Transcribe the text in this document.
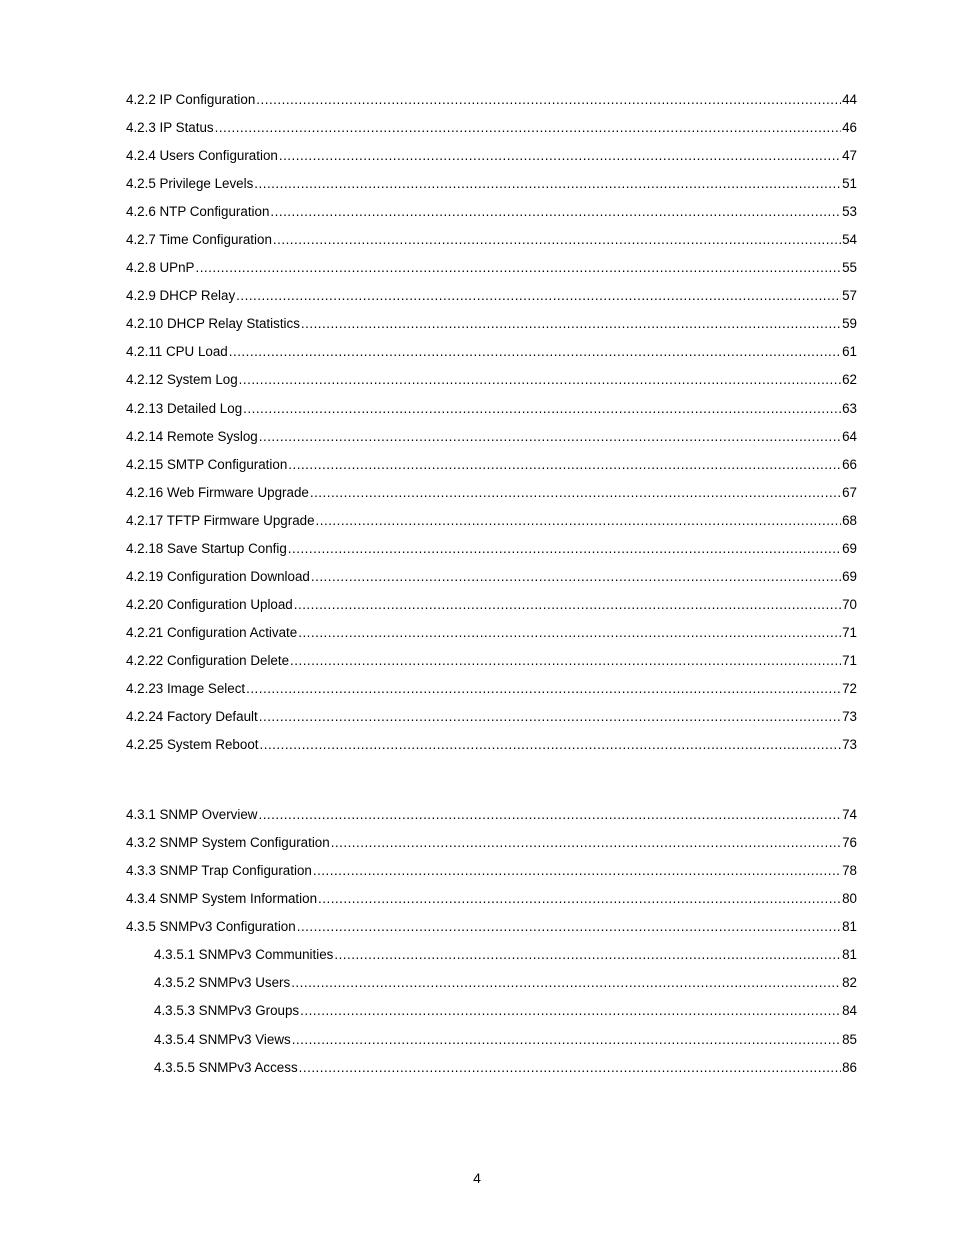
4.2.2 IP Configuration .....	44
4.2.3 IP Status .....	46
4.2.4 Users Configuration .....	47
4.2.5 Privilege Levels .....	51
4.2.6 NTP Configuration .....	53
4.2.7 Time Configuration .....	54
4.2.8 UPnP .....	55
4.2.9 DHCP Relay .....	57
4.2.10 DHCP Relay Statistics .....	59
4.2.11 CPU Load .....	61
4.2.12 System Log .....	62
4.2.13 Detailed Log .....	63
4.2.14 Remote Syslog .....	64
4.2.15 SMTP Configuration .....	66
4.2.16 Web Firmware Upgrade .....	67
4.2.17 TFTP Firmware Upgrade .....	68
4.2.18 Save Startup Config .....	69
4.2.19 Configuration Download .....	69
4.2.20 Configuration Upload .....	70
4.2.21 Configuration Activate .....	71
4.2.22 Configuration Delete .....	71
4.2.23 Image Select .....	72
4.2.24 Factory Default .....	73
4.2.25 System Reboot .....	73
4.3.1 SNMP Overview .....	74
4.3.2 SNMP System Configuration .....	76
4.3.3 SNMP Trap Configuration .....	78
4.3.4 SNMP System Information .....	80
4.3.5 SNMPv3 Configuration .....	81
4.3.5.1 SNMPv3 Communities .....	81
4.3.5.2 SNMPv3 Users .....	82
4.3.5.3 SNMPv3 Groups .....	84
4.3.5.4 SNMPv3 Views .....	85
4.3.5.5 SNMPv3 Access .....	86
4
